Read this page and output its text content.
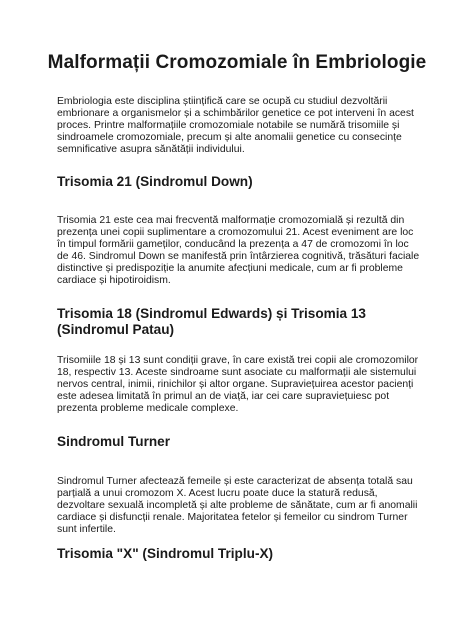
Malformații Cromozomiale în Embriologie

Embriologia este disciplina științifică care se ocupă cu studiul dezvoltării embrionare a organismelor și a schimbărilor genetice ce pot interveni în acest proces. Printre malformațiile cromozomiale notabile se numără trisomiile și sindroamele cromozomiale, precum și alte anomalii genetice cu consecințe semnificative asupra sănătății individului.

Trisomia 21 (Sindromul Down)

Trisomia 21 este cea mai frecventă malformație cromozomială și rezultă din prezența unei copii suplimentare a cromozomului 21. Acest eveniment are loc în timpul formării gameților, conducând la prezența a 47 de cromozomi în loc de 46. Sindromul Down se manifestă prin întârzierea cognitivă, trăsături faciale distinctive și predispoziție la anumite afecțiuni medicale, cum ar fi probleme cardiace și hipotiroidism.

Trisomia 18 (Sindromul Edwards) și Trisomia 13 (Sindromul Patau)

Trisomiile 18 și 13 sunt condiții grave, în care există trei copii ale cromozomilor 18, respectiv 13. Aceste sindroame sunt asociate cu malformații ale sistemului nervos central, inimii, rinichilor și altor organe. Supraviețuirea acestor pacienți este adesea limitată în primul an de viață, iar cei care supraviețuiesc pot prezenta probleme medicale complexe.

Sindromul Turner

Sindromul Turner afectează femeile și este caracterizat de absența totală sau parțială a unui cromozom X. Acest lucru poate duce la statură redusă, dezvoltare sexuală incompletă și alte probleme de sănătate, cum ar fi anomalii cardiace și disfuncții renale. Majoritatea fetelor și femeilor cu sindrom Turner sunt infertile.

Trisomia "X" (Sindromul Triplu-X)
